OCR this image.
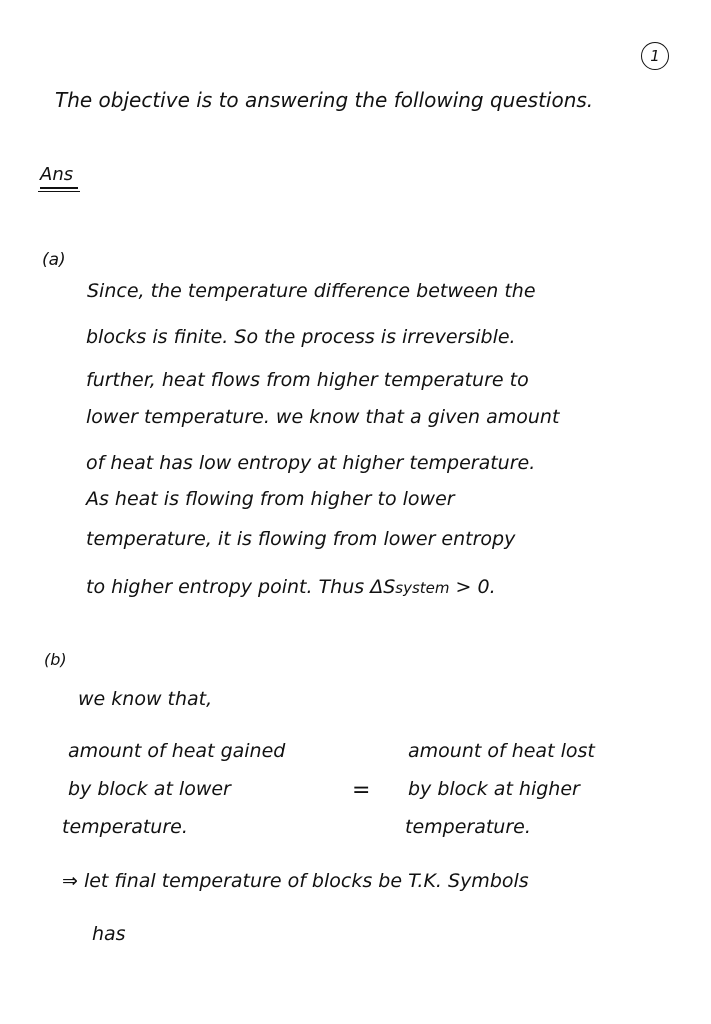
1
The objective is to answering the following questions.
Ans
(a)
Since, the temperature difference between the
blocks is finite. So the process is irreversible.
further, heat flows from higher temperature to
lower temperature. we know that a given amount
of heat has low entropy at higher temperature.
As heat is flowing from higher to lower
temperature, it is flowing from lower entropy
to higher entropy point. Thus ΔSsystem > 0.
(b)
we know that,
amount of heat gained
by block at lower
temperature.
=
amount of heat lost
by block at higher
temperature.
⇒ let final temperature of blocks be T.K. Symbols
has
